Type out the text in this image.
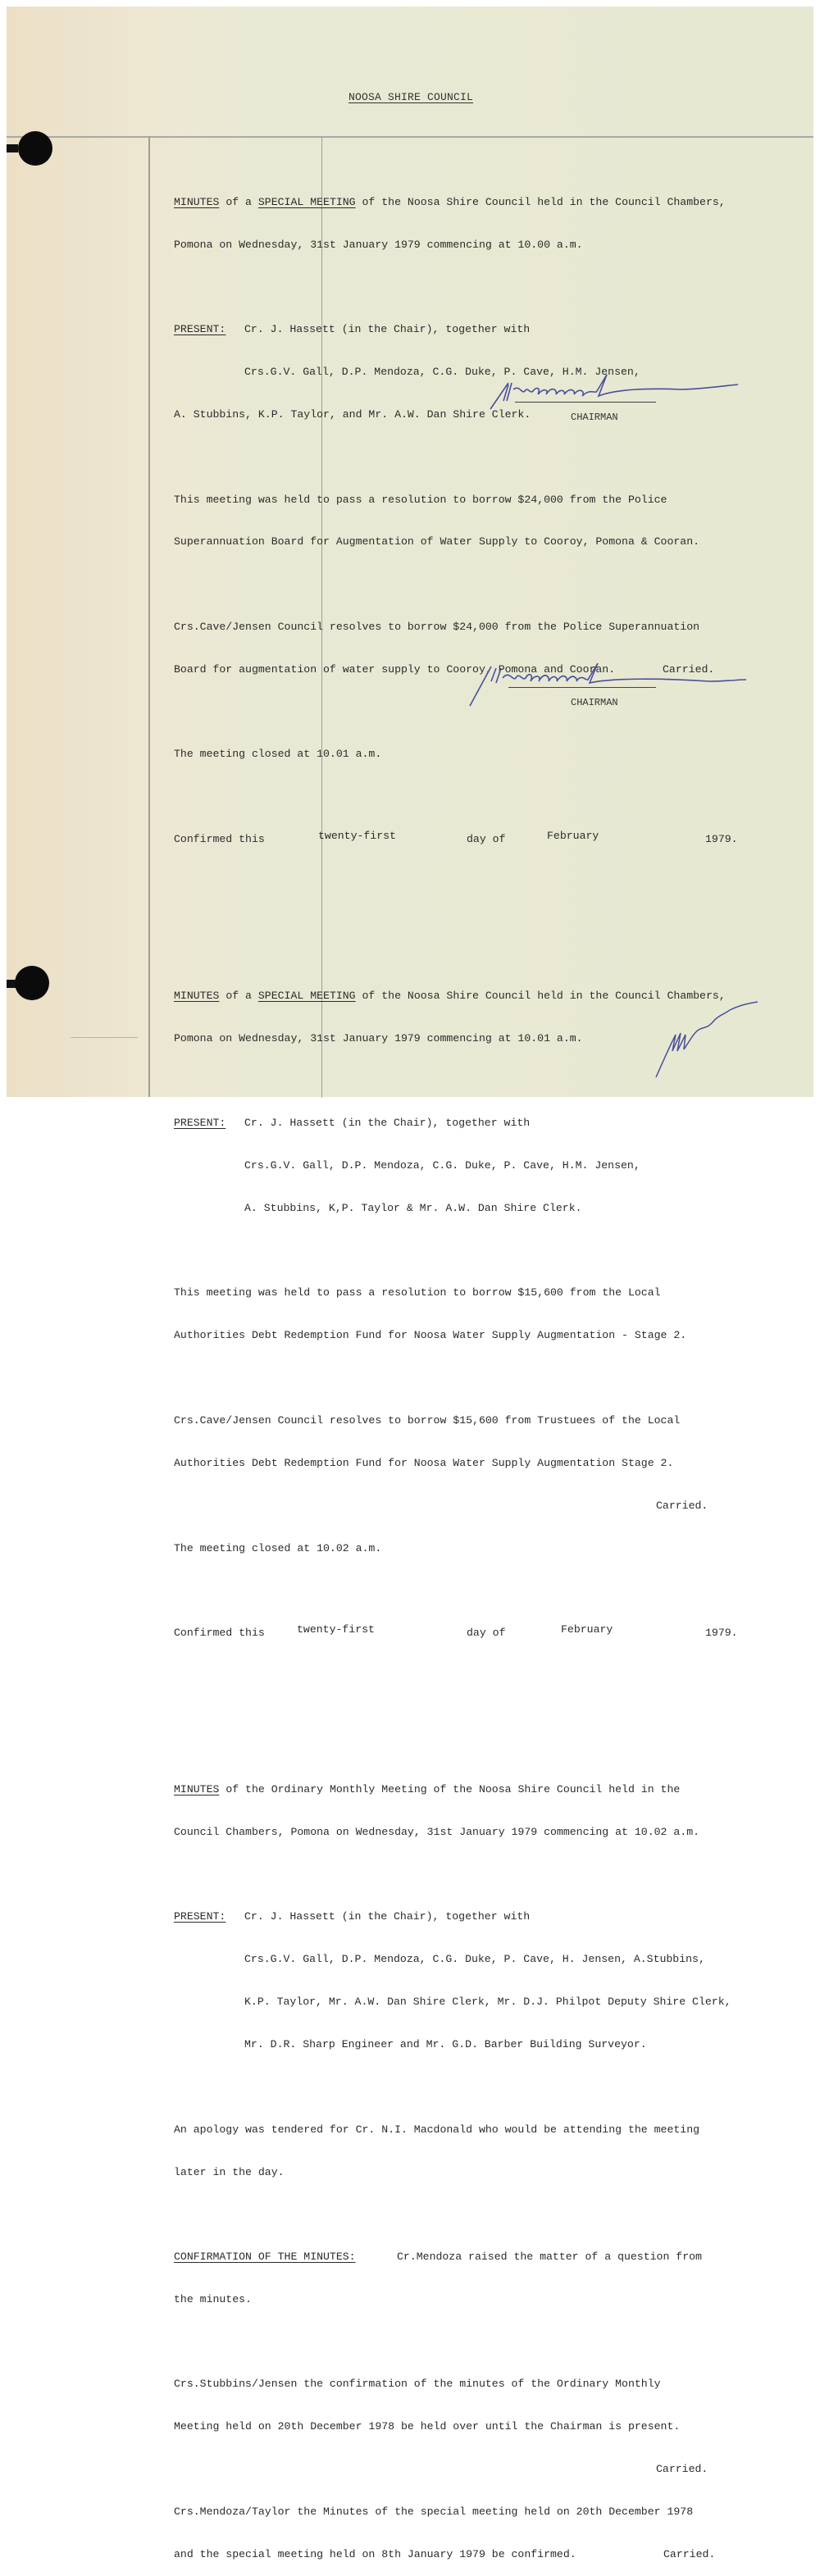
NOOSA SHIRE COUNCIL

MINUTES of a SPECIAL MEETING of the Noosa Shire Council held in the Council Chambers,

Pomona on Wednesday, 31st January 1979 commencing at 10.00 a.m.

PRESENT: Cr. J. Hassett (in the Chair), together with

Crs.G.V. Gall, D.P. Mendoza, C.G. Duke, P. Cave, H.M. Jensen,

A. Stubbins, K.P. Taylor, and Mr. A.W. Dan Shire Clerk.

This meeting was held to pass a resolution to borrow $24,000 from the Police

Superannuation Board for Augmentation of Water Supply to Cooroy, Pomona & Cooran.

Crs.Cave/Jensen Council resolves to borrow $24,000 from the Police Superannuation

Board for augmentation of water supply to Cooroy, Pomona and Cooran.	Carried.

The meeting closed at 10.01 a.m.

Confirmed this	twenty-first	day of	February	1979.

MINUTES of a SPECIAL MEETING of the Noosa Shire Council held in the Council Chambers,

Pomona on Wednesday, 31st January 1979 commencing at 10.01 a.m.

PRESENT: Cr. J. Hassett (in the Chair), together with

Crs.G.V. Gall, D.P. Mendoza, C.G. Duke, P. Cave, H.M. Jensen,

A. Stubbins, K,P. Taylor & Mr. A.W. Dan Shire Clerk.

This meeting was held to pass a resolution to borrow $15,600 from the Local

Authorities Debt Redemption Fund for Noosa Water Supply Augmentation - Stage 2.

Crs.Cave/Jensen Council resolves to borrow $15,600 from Trustuees of the Local

Authorities Debt Redemption Fund for Noosa Water Supply Augmentation Stage 2.

Carried.

The meeting closed at 10.02 a.m.

Confirmed this	twenty-first	day of	February	1979.

MINUTES of the Ordinary Monthly Meeting of the Noosa Shire Council held in the

Council Chambers, Pomona on Wednesday, 31st January 1979 commencing at 10.02 a.m.

PRESENT: Cr. J. Hassett (in the Chair), together with

Crs.G.V. Gall, D.P. Mendoza, C.G. Duke, P. Cave, H. Jensen, A.Stubbins,

K.P. Taylor, Mr. A.W. Dan Shire Clerk, Mr. D.J. Philpot Deputy Shire Clerk,

Mr. D.R. Sharp Engineer and Mr. G.D. Barber Building Surveyor.

An apology was tendered for Cr. N.I. Macdonald who would be attending the meeting

later in the day.

CONFIRMATION OF THE MINUTES:	Cr.Mendoza raised the matter of a question from

the minutes.

Crs.Stubbins/Jensen the confirmation of the minutes of the Ordinary Monthly

Meeting held on 20th December 1978 be held over until the Chairman is present.

Carried.

Crs.Mendoza/Taylor the Minutes of the special meeting held on 20th December 1978

and the special meeting held on 8th January 1979 be confirmed.	Carried.

CHAIRMAN
CHAIRMAN
